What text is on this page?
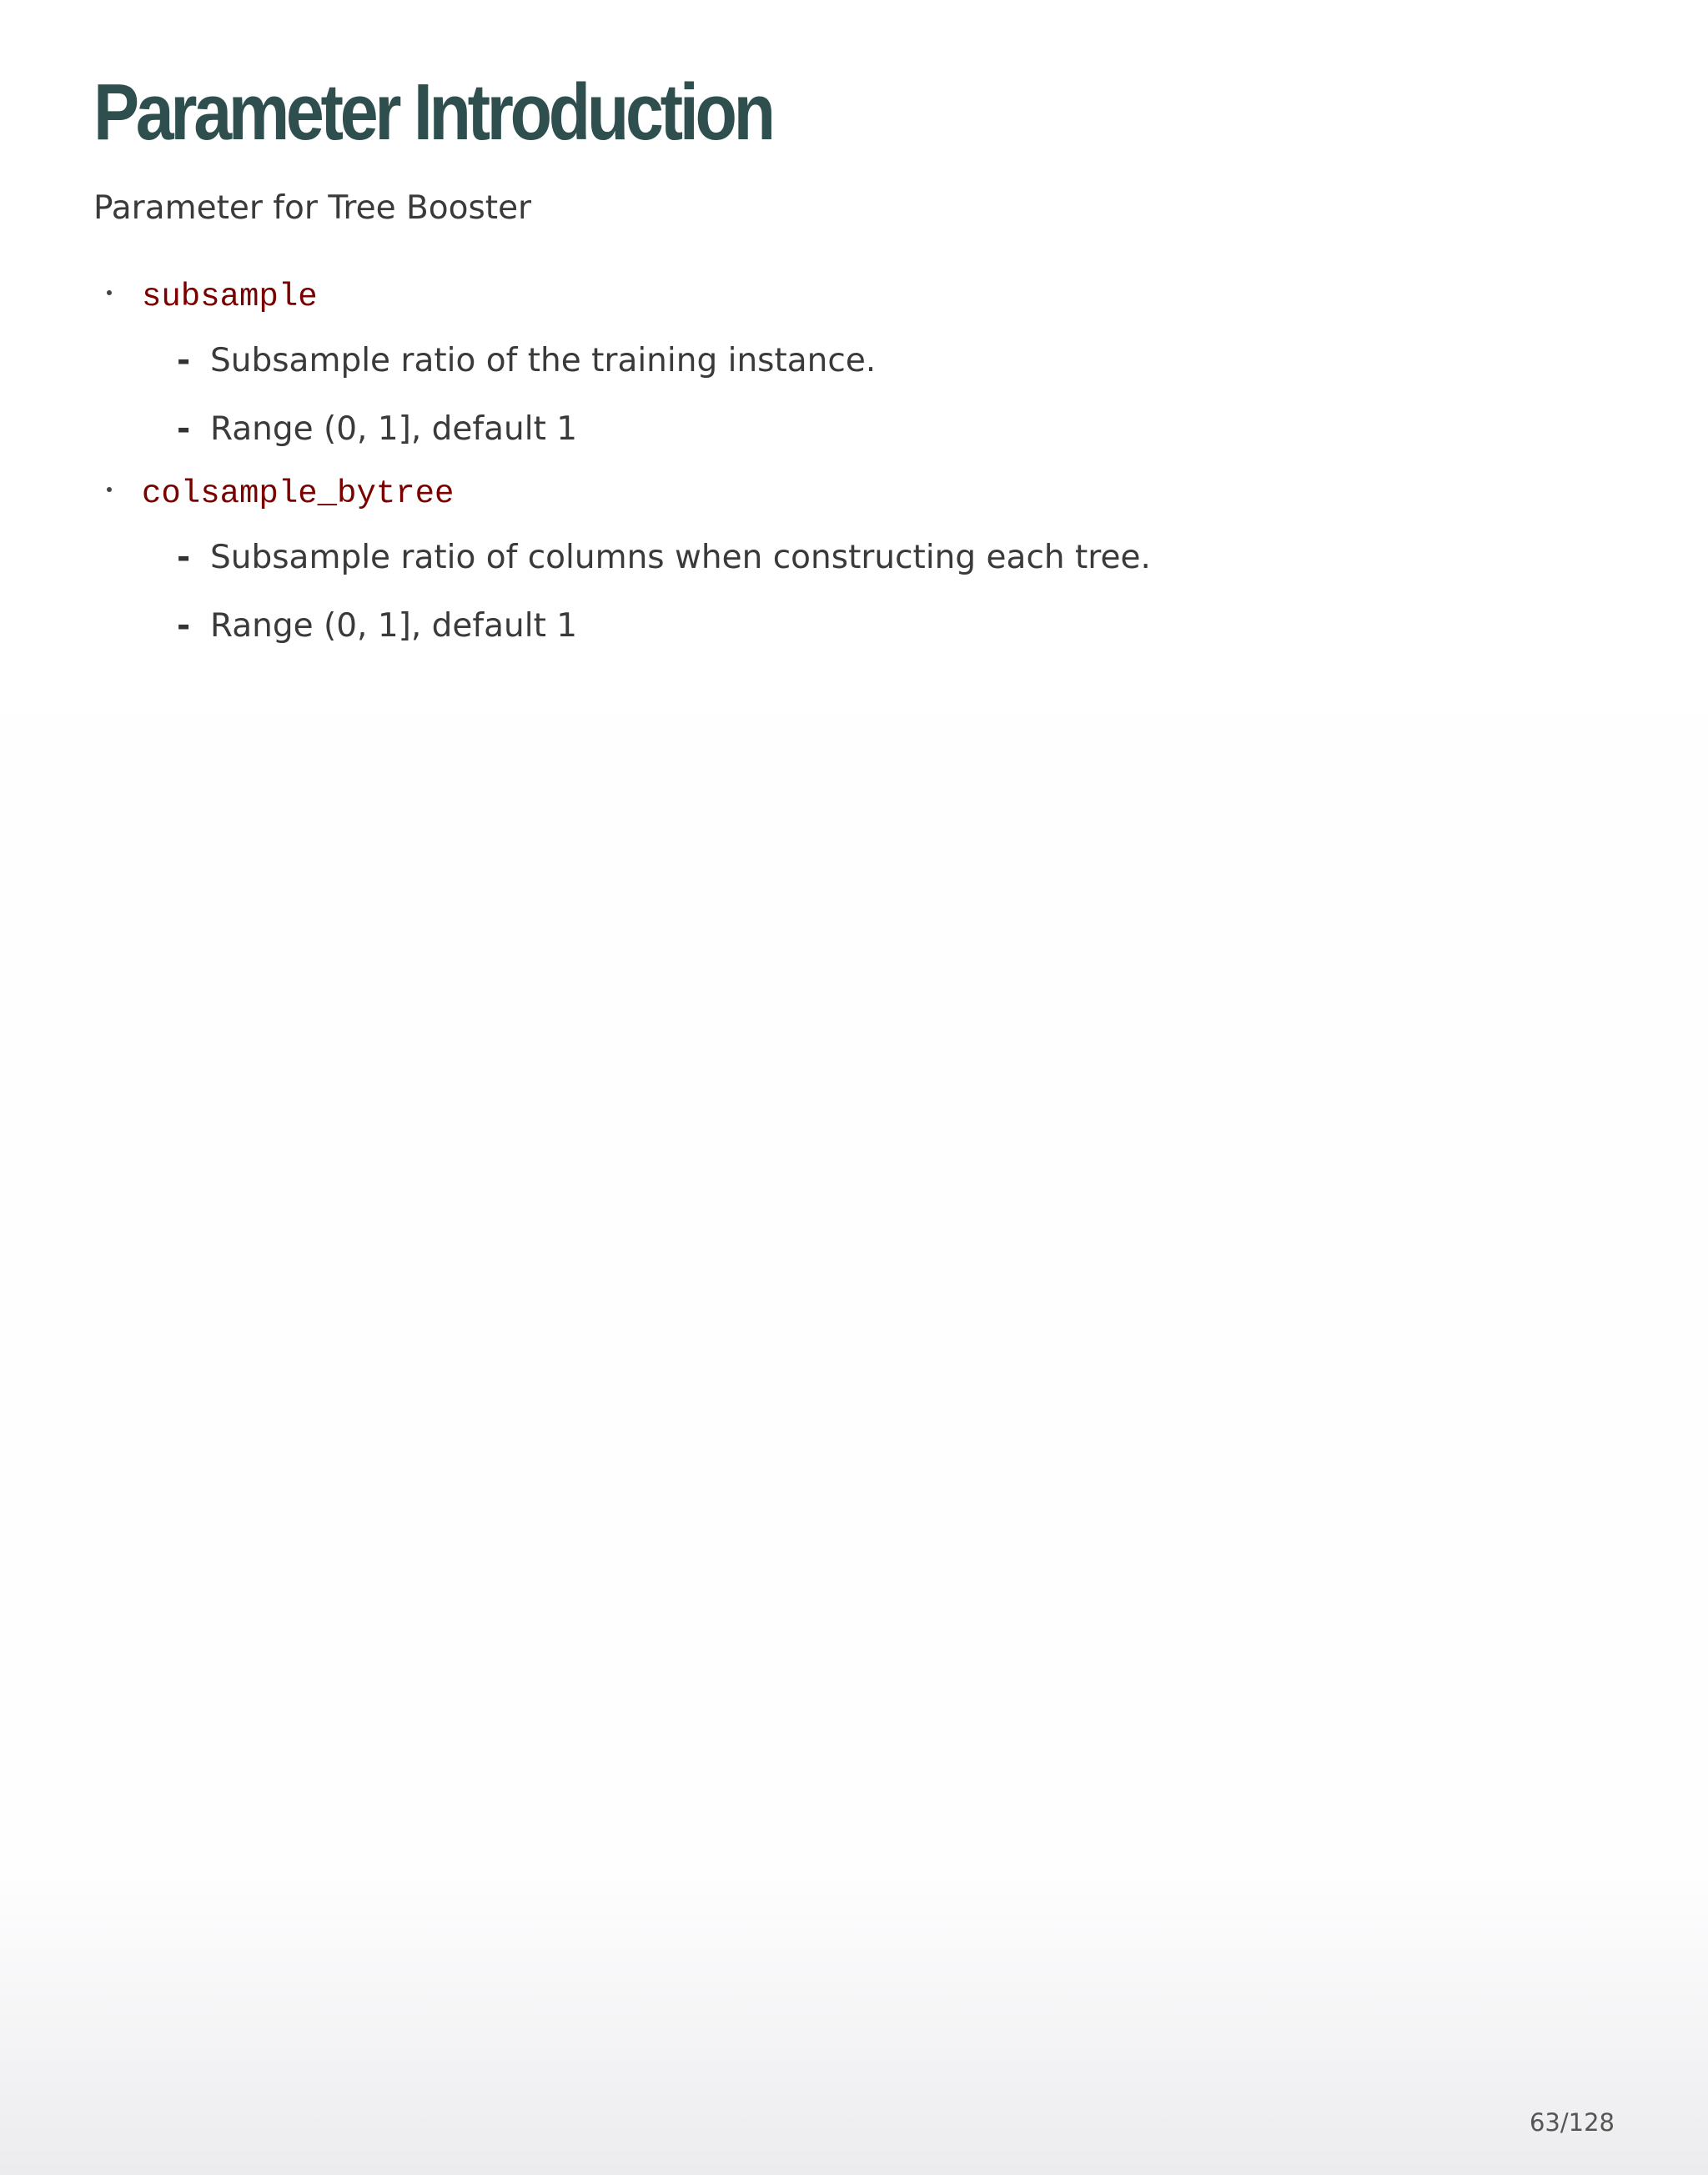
Parameter Introduction

Parameter for Tree Booster

subsample
- Subsample ratio of the training instance.
- Range (0, 1], default 1
colsample_bytree
- Subsample ratio of columns when constructing each tree.
- Range (0, 1], default 1
63/128
